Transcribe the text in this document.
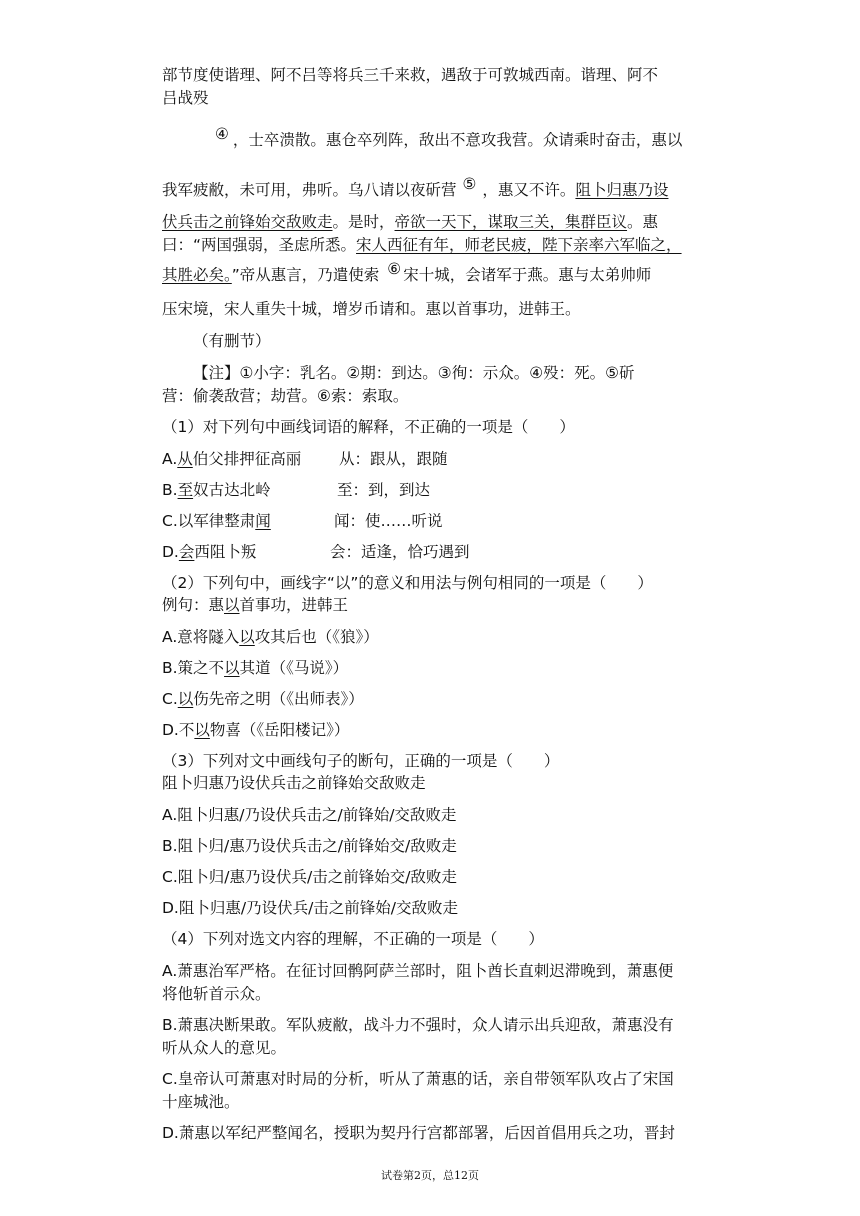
部节度使谐理、阿不吕等将兵三千来救，遇敌于可敦城西南。谐理、阿不
吕战殁
④ ，士卒溃散。惠仓卒列阵，敌出不意攻我营。众请乘时奋击，惠以
我军疲敝，未可用，弗听。乌八请以夜斫营 ⑤ ，惠又不许。阻卜归惠乃设
伏兵击之前锋始交敌败走。是时，帝欲一天下，谋取三关，集群臣议。惠
曰：“两国强弱，圣虑所悉。宋人西征有年，师老民疲，陛下亲率六军临之，
其胜必矣。”帝从惠言，乃遣使索 ⑥ 宋十城，会诸军于燕。惠与太弟帅师
压宋境，宋人重失十城，增岁币请和。惠以首事功，进韩王。
（有删节）
【注】①小字：乳名。②期：到达。③徇：示众。④殁：死。⑤斫
营：偷袭敌营；劫营。⑥索：索取。
（1）对下列句中画线词语的解释，不正确的一项是（　　）
A.从伯父排押征高丽 从：跟从，跟随
B.至奴古达北岭	至：到，到达
C.以军律整肃闻	闻：使……听说
D.会西阻卜叛	会：适逢，恰巧遇到
（2）下列句中，画线字“以”的意义和用法与例句相同的一项是（　　）
例句：惠以首事功，进韩王
A.意将隧入以攻其后也（《狼》）
B.策之不以其道（《马说》）
C.以伤先帝之明（《出师表》）
D.不以物喜（《岳阳楼记》）
（3）下列对文中画线句子的断句，正确的一项是（　　）
阻卜归惠乃设伏兵击之前锋始交敌败走
A.阻卜归惠/乃设伏兵击之/前锋始/交敌败走
B.阻卜归/惠乃设伏兵击之/前锋始交/敌败走
C.阻卜归/惠乃设伏兵/击之前锋始交/敌败走
D.阻卜归惠/乃设伏兵/击之前锋始/交敌败走
（4）下列对选文内容的理解，不正确的一项是（　　）
A.萧惠治军严格。在征讨回鹘阿萨兰部时，阻卜酋长直刺迟滞晚到，萧惠便
将他斩首示众。
B.萧惠决断果敢。军队疲敝，战斗力不强时，众人请示出兵迎敌，萧惠没有
听从众人的意见。
C.皇帝认可萧惠对时局的分析，听从了萧惠的话，亲自带领军队攻占了宋国
十座城池。
D.萧惠以军纪严整闻名，授职为契丹行宫都部署，后因首倡用兵之功，晋封
试卷第2页，总12页
